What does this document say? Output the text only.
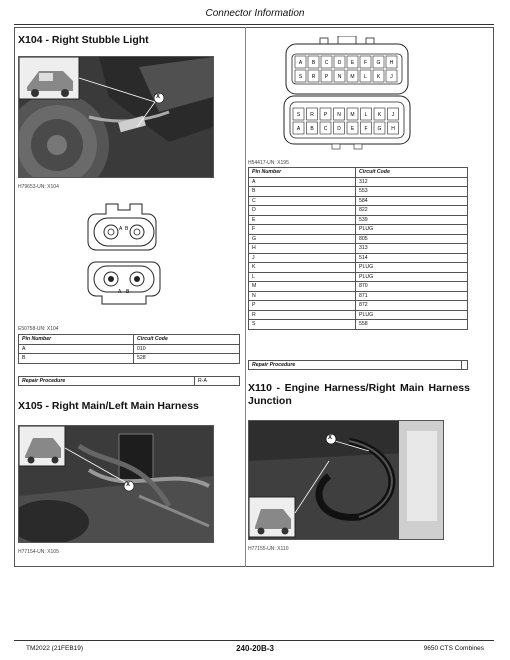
Connector Information
X104 - Right Stubble Light
X
H79653-UN: X104
A B
A B
E50758-UN: X104
Pin Number	Circuit Code
A	010
B	528
Repair Procedure	R-A
X105 - Right Main/Left Main Harness
X
H77154-UN: X105
A B C D E F G H
S R P N M L K J
S R P N M L K J
A B C D E F G H
H54417-UN: X195
Pin Number	Circuit Code
A	312
B	553
C	584
D	822
E	539
F	PLUG
G	805
H	313
J	514
K	PLUG
L	PLUG
M	870
N	871
P	872
R	PLUG
S	558
Repair Procedure
X110 - Engine Harness/Right Main Harness Junction
X
H77155-UN: X110
TM2022 (21FEB19)	240-20B-3	9650 CTS Combines
